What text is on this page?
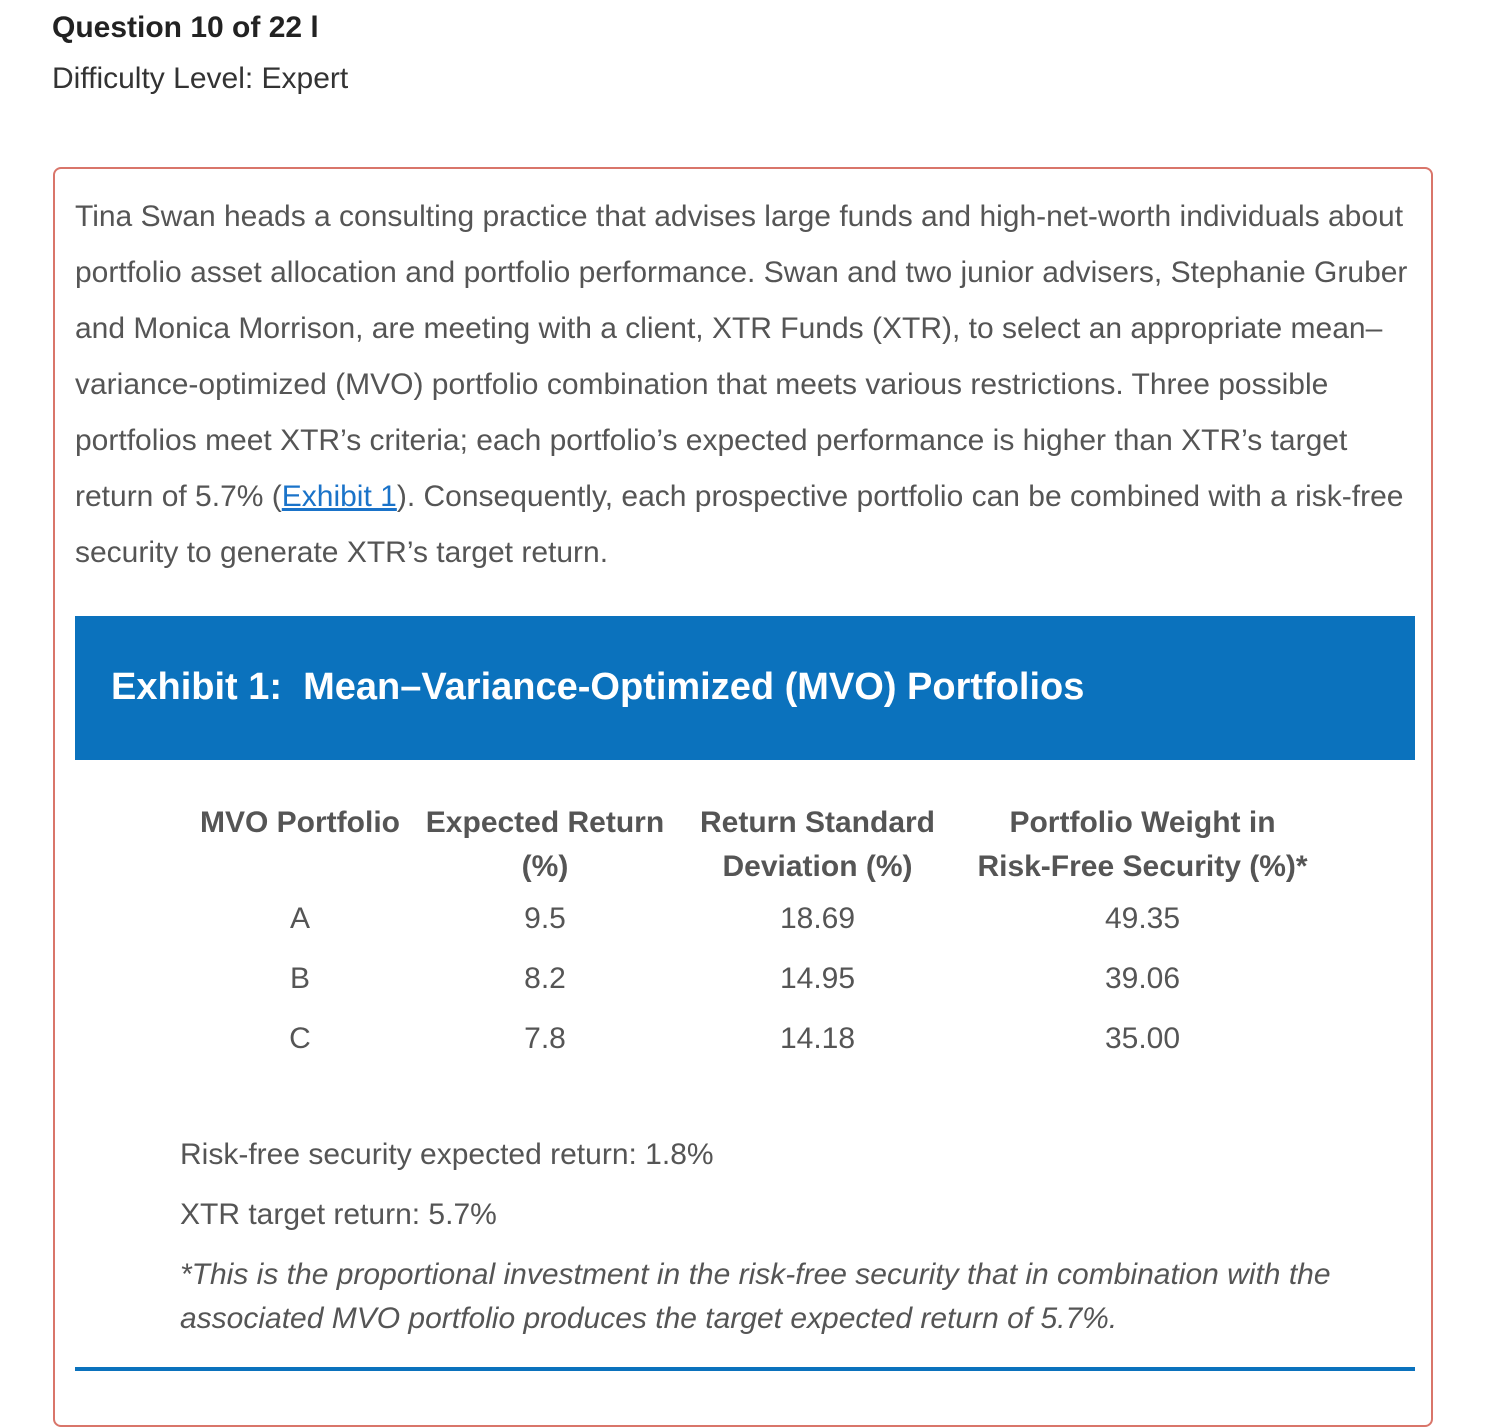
Question 10 of 22 l
Difficulty Level: Expert
Tina Swan heads a consulting practice that advises large funds and high-net-worth individuals about portfolio asset allocation and portfolio performance. Swan and two junior advisers, Stephanie Gruber and Monica Morrison, are meeting with a client, XTR Funds (XTR), to select an appropriate mean–variance-optimized (MVO) portfolio combination that meets various restrictions. Three possible portfolios meet XTR’s criteria; each portfolio’s expected performance is higher than XTR’s target return of 5.7% (Exhibit 1). Consequently, each prospective portfolio can be combined with a risk-free security to generate XTR’s target return.
Exhibit 1:  Mean–Variance-Optimized (MVO) Portfolios
MVO Portfolio	Expected Return (%)	Return Standard Deviation (%)	Portfolio Weight in Risk-Free Security (%)*
A	9.5	18.69	49.35
B	8.2	14.95	39.06
C	7.8	14.18	35.00
Risk-free security expected return: 1.8%
XTR target return: 5.7%
*This is the proportional investment in the risk-free security that in combination with the associated MVO portfolio produces the target expected return of 5.7%.
